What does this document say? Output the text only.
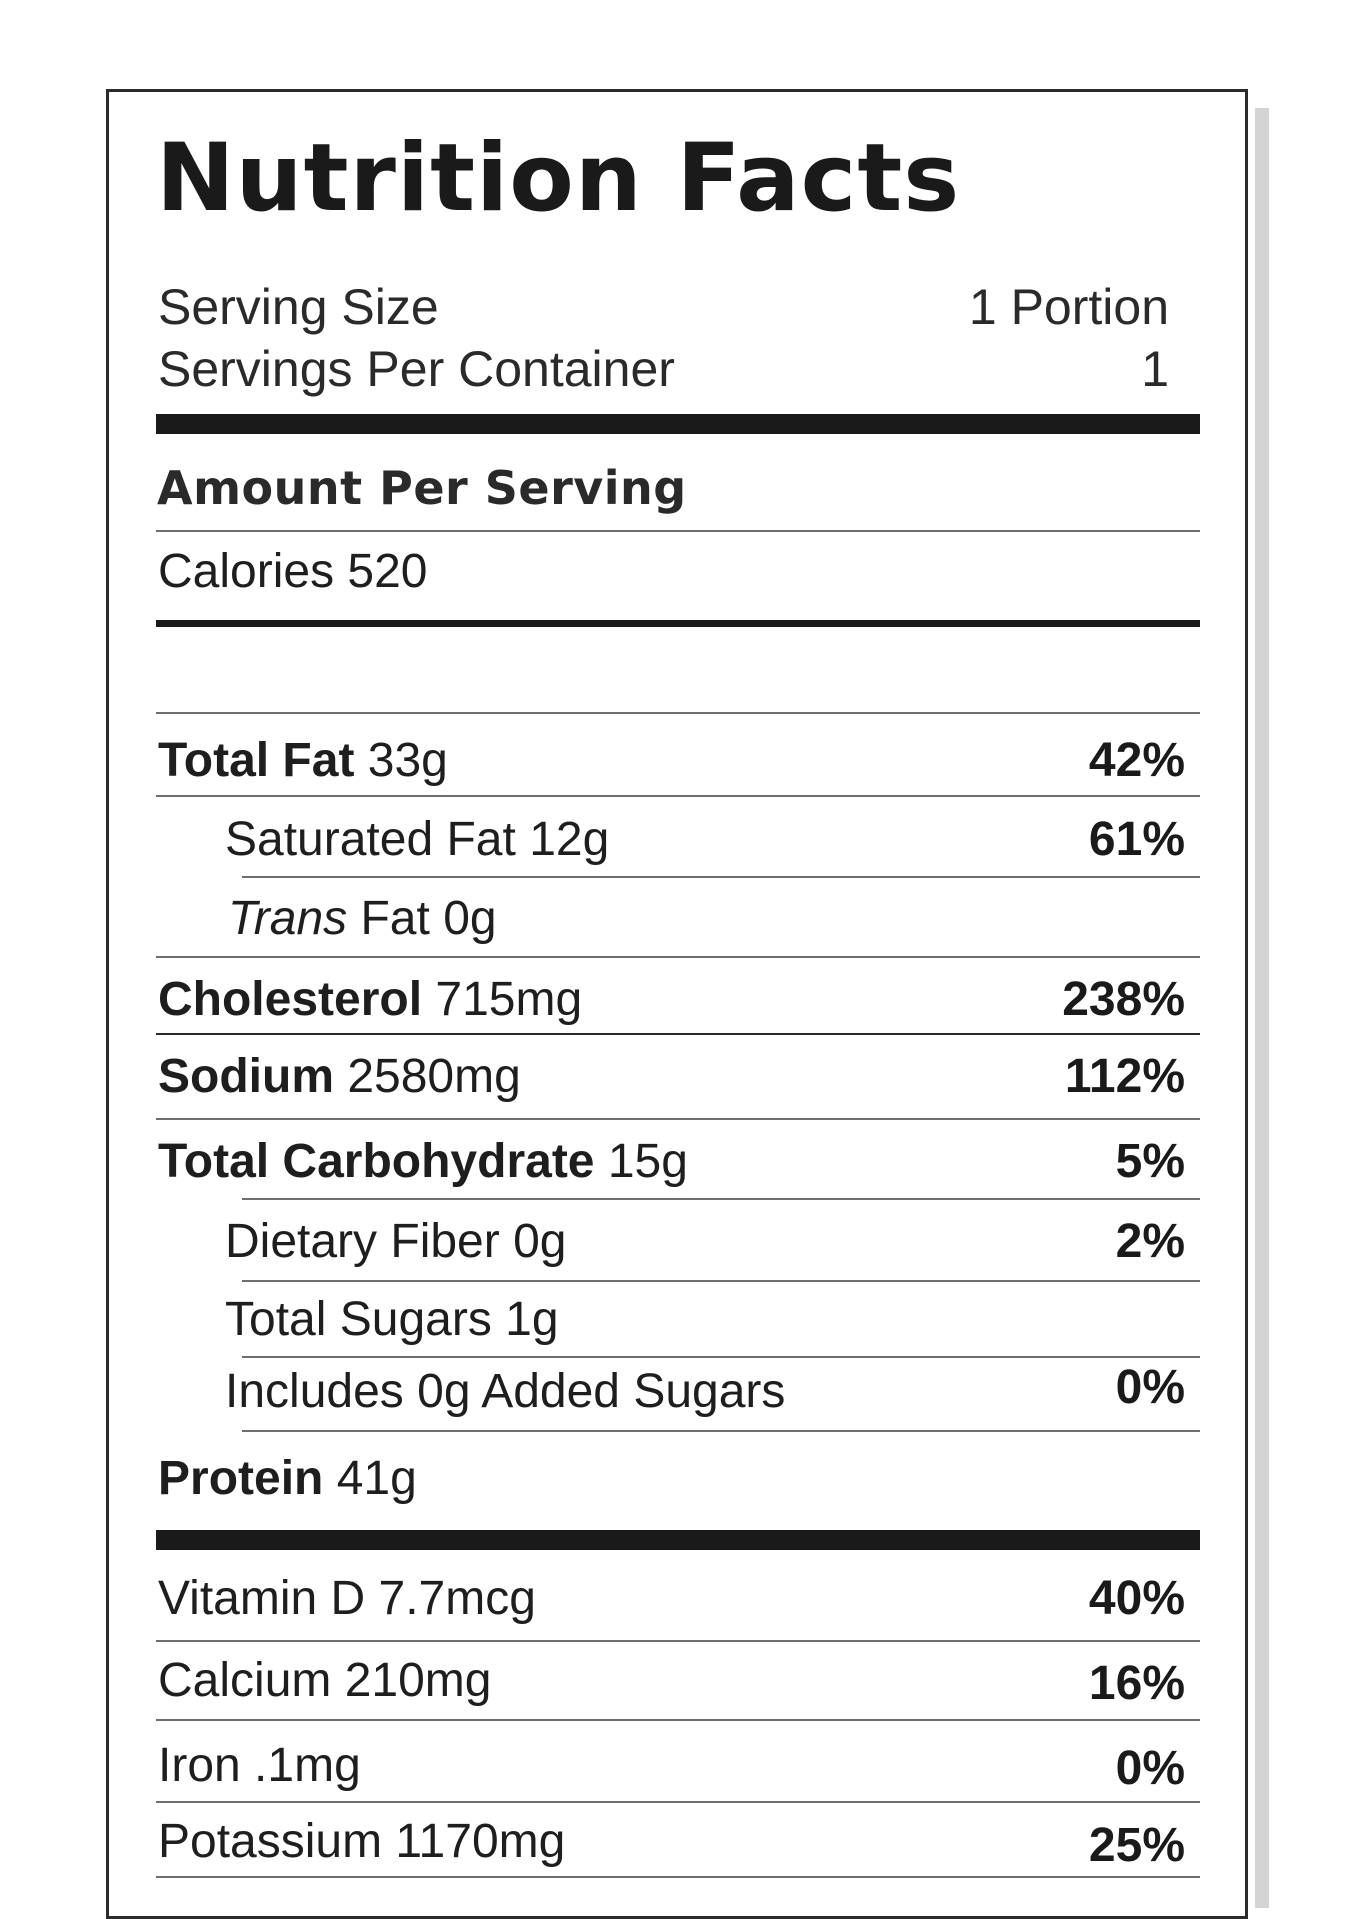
Nutrition Facts
Serving Size	1 Portion
Servings Per Container	1
Amount Per Serving
Calories 520
Total Fat 33g	42%
Saturated Fat 12g	61%
Trans Fat 0g
Cholesterol 715mg	238%
Sodium 2580mg	112%
Total Carbohydrate 15g	5%
Dietary Fiber 0g	2%
Total Sugars 1g
Includes 0g Added Sugars	0%
Protein 41g
Vitamin D 7.7mcg	40%
Calcium 210mg	16%
Iron .1mg	0%
Potassium 1170mg	25%
